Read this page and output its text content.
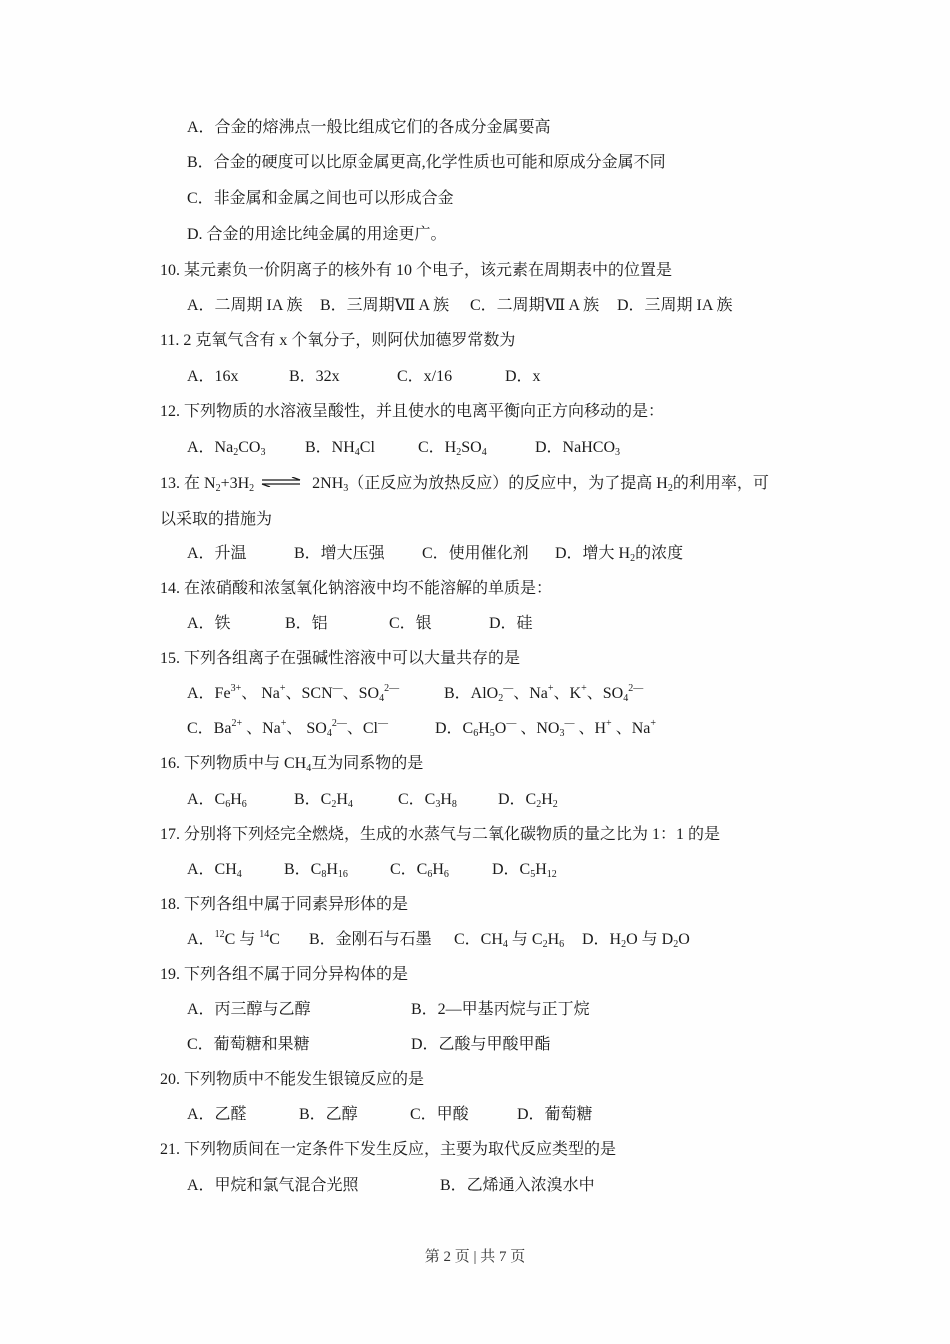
A．合金的熔沸点一般比组成它们的各成分金属要高
B．合金的硬度可以比原金属更高,化学性质也可能和原成分金属不同
C．非金属和金属之间也可以形成合金
D. 合金的用途比纯金属的用途更广。
10. 某元素负一价阴离子的核外有 10 个电子，该元素在周期表中的位置是
A．二周期 IA 族 B．三周期Ⅶ A 族 C．二周期Ⅶ A 族 D．三周期 IA 族
11. 2 克氧气含有 x 个氧分子，则阿伏加德罗常数为
A．16x	B．32x	C．x/16	D．x
12. 下列物质的水溶液呈酸性，并且使水的电离平衡向正方向移动的是：
A．$Na_2CO_3$ B．$NH_4Cl$	C．$H_2SO_4$	D．NaHCO$_3$
13. 在 $N_2+3H_2$ ⇌ $2NH_3$（正反应为放热反应）的反应中，为了提高 $H_2$的利用率，可
以采取的措施为
A．升温	B．增大压强 C．使用催化剂 D．增大 $H_2$的浓度
14. 在浓硝酸和浓氢氧化钠溶液中均不能溶解的单质是：
A．铁	B．铝	C．银	D．硅
15. 下列各组离子在强碱性溶液中可以大量共存的是
A．$Fe^{3+}$、 Na+、SCN—、$SO_4^{2—}$	B．AlO$_2$—、Na+、K+、$SO_4^{2—}$
C．$Ba^{2+}$ 、Na+、 $SO_4^{2—}$、Cl—	D．$C_6H_5O^—$ 、$NO_3^—$ 、H+ 、Na+
16. 下列物质中与 $CH_4$互为同系物的是
A．$C_6H_6$	B．$C_2H_4$	C．$C_3H_8$	D．$C_2H_2$
17. 分别将下列烃完全燃烧，生成的水蒸气与二氧化碳物质的量之比为 1：1 的是
A．$CH_4$	B．$C_8H_{16}$	C．$C_6H_6$	D．$C_5H_{12}$
18. 下列各组中属于同素异形体的是
A．$^{12}$C 与 $^{14}$C B．金刚石与石墨 C．$CH_4$ 与 $C_2H_6$ D．$H_2O$ 与 $D_2O$
19. 下列各组不属于同分异构体的是
A．丙三醇与乙醇	B．2—甲基丙烷与正丁烷
C．葡萄糖和果糖	D．乙酸与甲酸甲酯
20. 下列物质中不能发生银镜反应的是
A．乙醛	B．乙醇	C．甲酸	D．葡萄糖
21. 下列物质间在一定条件下发生反应，主要为取代反应类型的是
A．甲烷和氯气混合光照	B．乙烯通入浓溴水中
第 2 页 | 共 7 页
